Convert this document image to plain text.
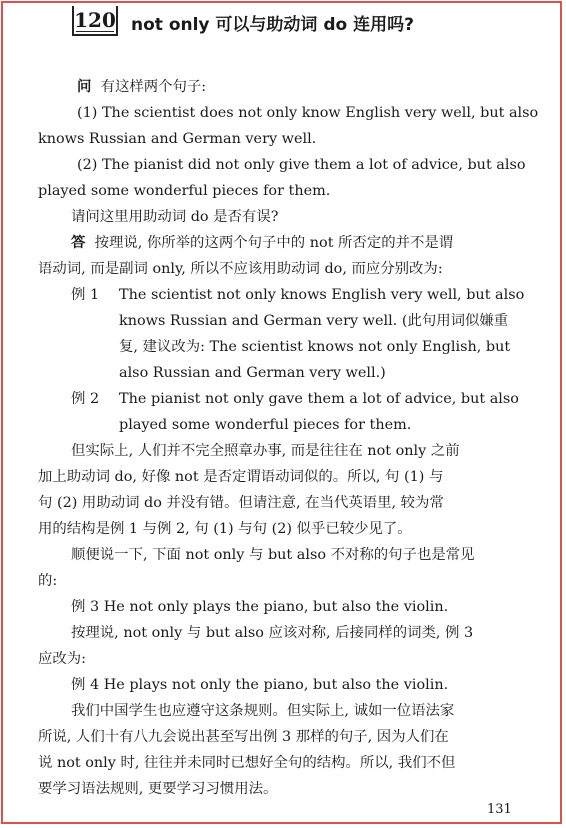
120 not only 可以与助动词 do 连用吗?
问 有这样两个句子:
(1) The scientist does not only know English very well, but also
knows Russian and German very well.
(2) The pianist did not only give them a lot of advice, but also
played some wonderful pieces for them.
请问这里用助动词 do 是否有误?
答 按理说, 你所举的这两个句子中的 not 所否定的并不是谓
语动词, 而是副词 only, 所以不应该用助动词 do, 而应分别改为:
例 1 The scientist not only knows English very well, but also
knows Russian and German very well. (此句用词似嫌重
复, 建议改为: The scientist knows not only English, but
also Russian and German very well.)
例 2 The pianist not only gave them a lot of advice, but also
played some wonderful pieces for them.
但实际上, 人们并不完全照章办事, 而是往往在 not only 之前
加上助动词 do, 好像 not 是否定谓语动词似的。所以, 句 (1) 与
句 (2) 用助动词 do 并没有错。但请注意, 在当代英语里, 较为常
用的结构是例 1 与例 2, 句 (1) 与句 (2) 似乎已较少见了。
顺便说一下, 下面 not only 与 but also 不对称的句子也是常见
的:
例 3 He not only plays the piano, but also the violin.
按理说, not only 与 but also 应该对称, 后接同样的词类, 例 3
应改为:
例 4 He plays not only the piano, but also the violin.
我们中国学生也应遵守这条规则。但实际上, 诚如一位语法家
所说, 人们十有八九会说出甚至写出例 3 那样的句子, 因为人们在
说 not only 时, 往往并未同时已想好全句的结构。所以, 我们不但
要学习语法规则, 更要学习习惯用法。
131
